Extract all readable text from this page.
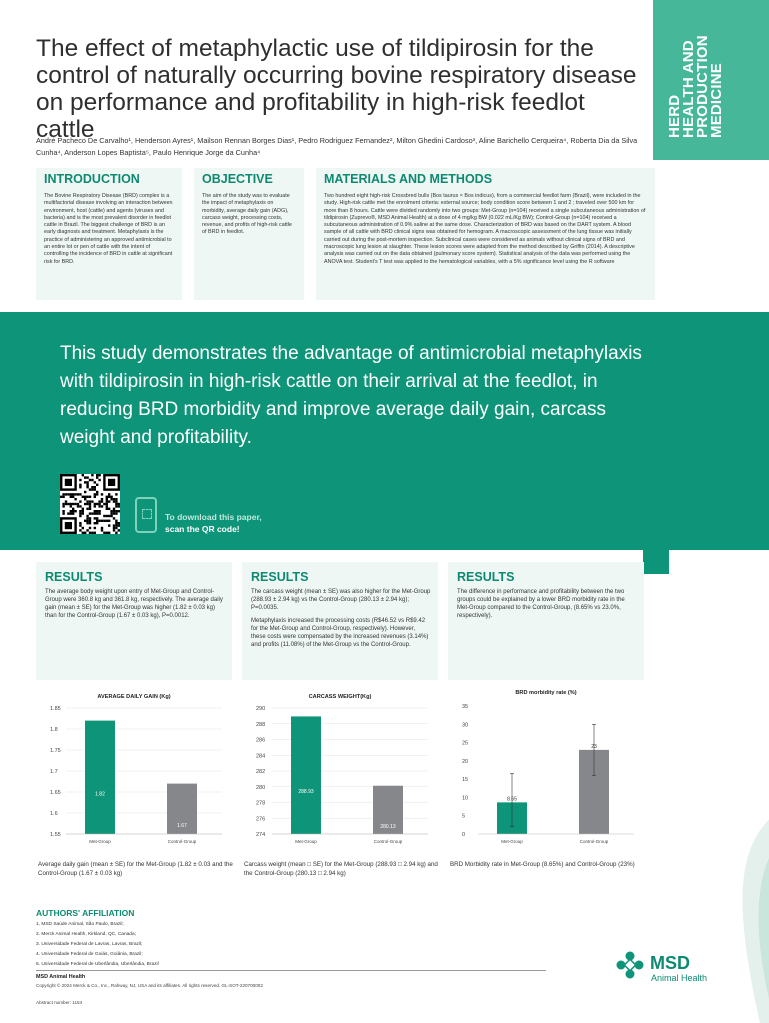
HERD
HEALTH AND
PRODUCTION
MEDICINE
The effect of metaphylactic use of tildipirosin for the control of naturally occurring bovine respiratory disease on performance and profitability in high-risk feedlot cattle

André Pacheco De Carvalho¹, Henderson Ayres¹, Mailson Rennan Borges Dias¹, Pedro Rodriguez Fernandez², Milton Ghedini Cardoso³, Aline Barichello Cerqueira⁴, Roberta Dia da Silva Cunha⁴, Anderson Lopes Baptista⁵, Paulo Henrique Jorge da Cunha⁴

INTRODUCTION
The Bovine Respiratory Disease (BRD) complex is a multifactorial disease involving an interaction between environment, host (cattle) and agents (viruses and bacteria) and is the most prevalent disorder in feedlot cattle in Brazil. The biggest challenge of BRD is an early diagnosis and treatment. Metaphylaxis is the practice of administering an approved antimicrobial to an entire lot or pen of cattle with the intent of controlling the incidence of BRD in cattle at significant risk for BRD.
OBJECTIVE
The aim of the study was to evaluate the impact of metaphylaxis on morbidity, average daily gain (ADG), carcass weight, processing costs, revenue, and profits of high-risk cattle of BRD in feedlot.
MATERIALS AND METHODS
Two hundred eight high-risk Crossbred bulls (Bos taurus × Bos indicus), from a commercial feedlot farm (Brazil), were included in the study. High-risk cattle met the enrolment criteria: external source; body condition score between 1 and 2 ; traveled over 500 km for more than 8 hours. Cattle were divided randomly into two groups: Met-Group (n=104) received a single subcutaneous administration of tildipirosin (Zuprevo®, MSD Animal Health) at a dose of 4 mg/kg BW (0.022 mL/Kg BW); Control-Group (n=104) received a subcutaneous administration of 0.9% saline at the same dose. Characterization of BRD was based on the DART system. A blood sample of all cattle with BRD clinical signs was obtained for hemogram. A macroscopic assessment of the lung tissue was initially carried out during the post-mortem inspection. Subclinical cases were considered as animals without clinical signs of BRD and macroscopic lung lesion at slaughter. These lesion scores were adapted from the method described by Griffin (2014). A descriptive analysis was carried out on the data obtained (pulmonary score system). Statistical analysis of the data was performed using the ANOVA test. Student's T test was applied to the hematological variables, with a 5% significance level using the R software

This study demonstrates the advantage of antimicrobial metaphylaxis with tildipirosin in high-risk cattle on their arrival at the feedlot, in reducing BRD morbidity and improve average daily gain, carcass weight and profitability.

To download this paper,
scan the QR code!
RESULTS
The average body weight upon entry of Met-Group and Control-Group were 360.8 kg and 361.8 kg, respectively. The average daily gain (mean ± SE) for the Met-Group was higher (1.82 ± 0.03 kg) than for the Control-Group (1.67 ± 0.03 kg), P=0.0012.
RESULTS

The carcass weight (mean ± SE) was also higher for the Met-Group (288.93 ± 2.94 kg) vs the Control-Group (280.13 ± 2.94 kg); P=0.0035.

Metaphylaxis increased the processing costs (R$46.52 vs R$9.42 for the Met-Group and Control-Group, respectively). However, these costs were compensated by the increased revenues (3.14%) and profits (11.08%) of the Met-Group vs the Control-Group.

RESULTS
The difference in performance and profitability between the two groups could be explained by a lower BRD morbidity rate in the Met-Group compared to the Control-Group, (8.65% vs 23.0%, respectively).
AVERAGE DAILY GAIN (Kg)
1.55
1.6
1.65
1.7
1.75
1.8
1.85
1.82
Met-Group
1.67
Control-Group
CARCASS WEIGHT(Kg)
274
276
278
280
282
284
286
288
290
288.93
Met-Group
280.13
Control-Group
BRD morbidity rate (%)
0
5
10
15
20
25
30
35
8.65
Met-Group
23
Control-Group
Average daily gain (mean ± SE) for the Met-Group (1.82 ± 0.03 and the Control-Group (1.67 ± 0.03 kg)
Carcass weight (mean □ SE) for the Met-Group (288.93 □ 2.94 kg) and the Control-Group (280.13 □ 2.94 kg)
BRD Morbidity rate in Met-Group (8.65%) and Control-Group (23%)
AUTHORS' AFFILIATION
1. MSD Saúde Animal, São Paulo, Brazil;
2. Merck Animal Health, Kirkland, QC, Canada;
3. Universidade Federal de Lavras, Lavras, Brazil;
4. Universidade Federal de Goiás, Goiânia, Brazil;
5. Universidade Federal de Uberlândia, Uberlândia, Brazil
MSD Animal Health
Copyright © 2024 Merck & Co., Inc., Rahway, NJ, USA and its affiliates. All rights reserved. GL-SOT-220700002
Abstract number: 1154
MSD
Animal Health
